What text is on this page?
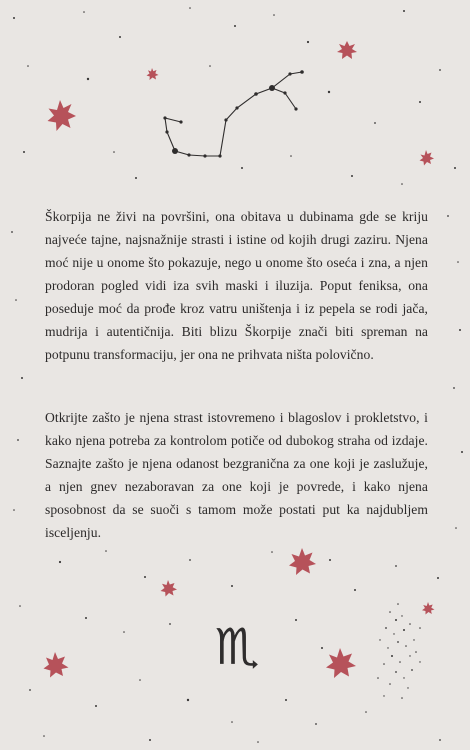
♏

Škorpija ne živi na površini, ona obitava u dubinama gde se kriju najveće tajne, najsnažnije strasti i istine od kojih drugi zaziru. Njena moć nije u onome što pokazuje, nego u onome što oseća i zna, a njen prodoran pogled vidi iza svih maski i iluzija. Poput feniksa, ona poseduje moć da prođe kroz vatru uništenja i iz pepela se rodi jača, mudrija i autentičnija. Biti blizu Škorpije znači biti spreman na potpunu transformaciju, jer ona ne prihvata ništa polovično.

Otkrijte zašto je njena strast istovremeno i blagoslov i prokletstvo, i kako njena potreba za kontrolom potiče od dubokog straha od izdaje. Saznajte zašto je njena odanost bezgranična za one koji je zaslužuje, a njen gnev nezaboravan za one koji je povrede, i kako njena sposobnost da se suoči s tamom može postati put ka najdubljem isceljenju.
